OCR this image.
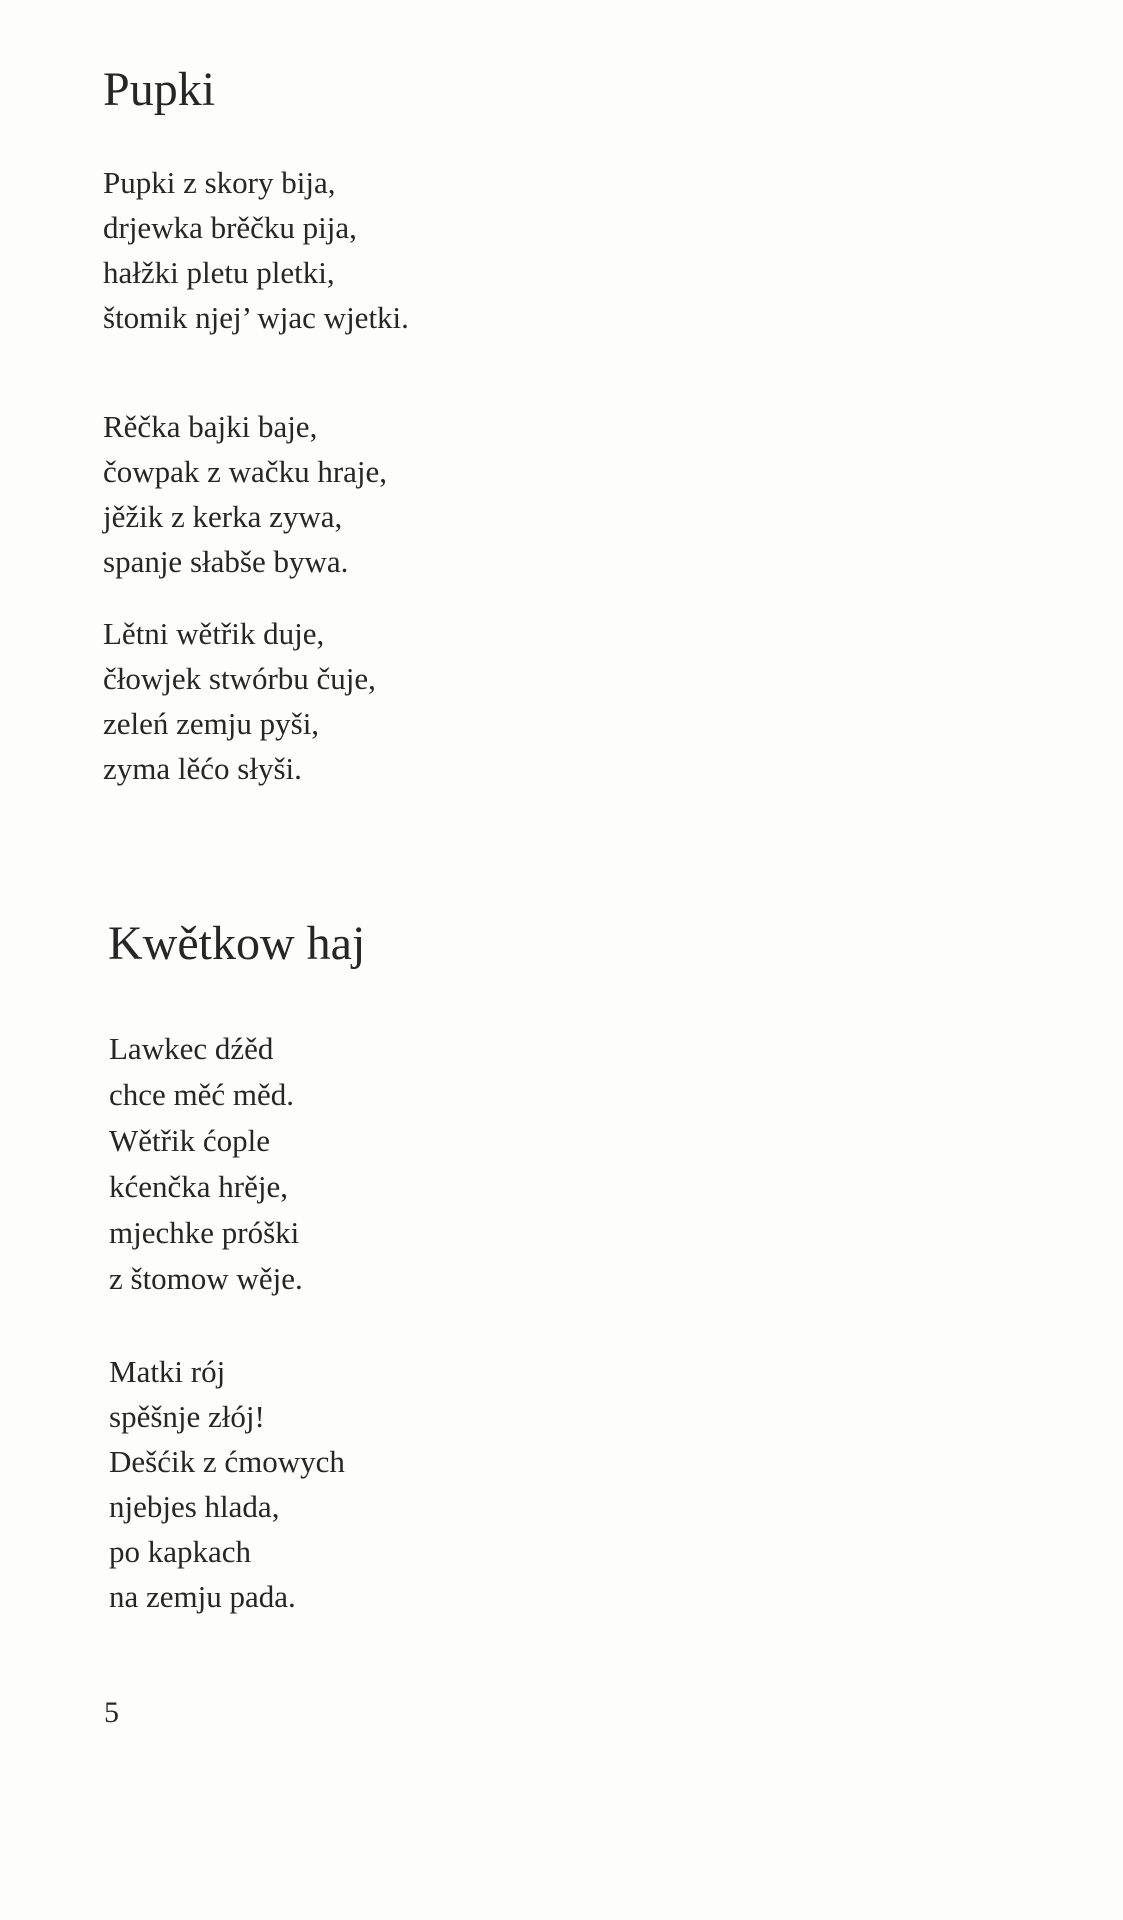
Pupki
Pupki z skory bija,
drjewka brěčku pija,
hałžki pletu pletki,
štomik njej’ wjac wjetki.
Rěčka bajki baje,
čowpak z wačku hraje,
jěžik z kerka zywa,
spanje słabše bywa.
Lětni wětřik duje,
čłowjek stwórbu čuje,
zeleń zemju pyši,
zyma lěćo słyši.
Kwětkow haj
Lawkec dźěd
chce měć měd.
Wětřik ćople
kćenčka hrěje,
mjechke próški
z štomow wěje.
Matki rój
spěšnje złój!
Dešćik z ćmowych
njebjes hlada,
po kapkach
na zemju pada.
5
